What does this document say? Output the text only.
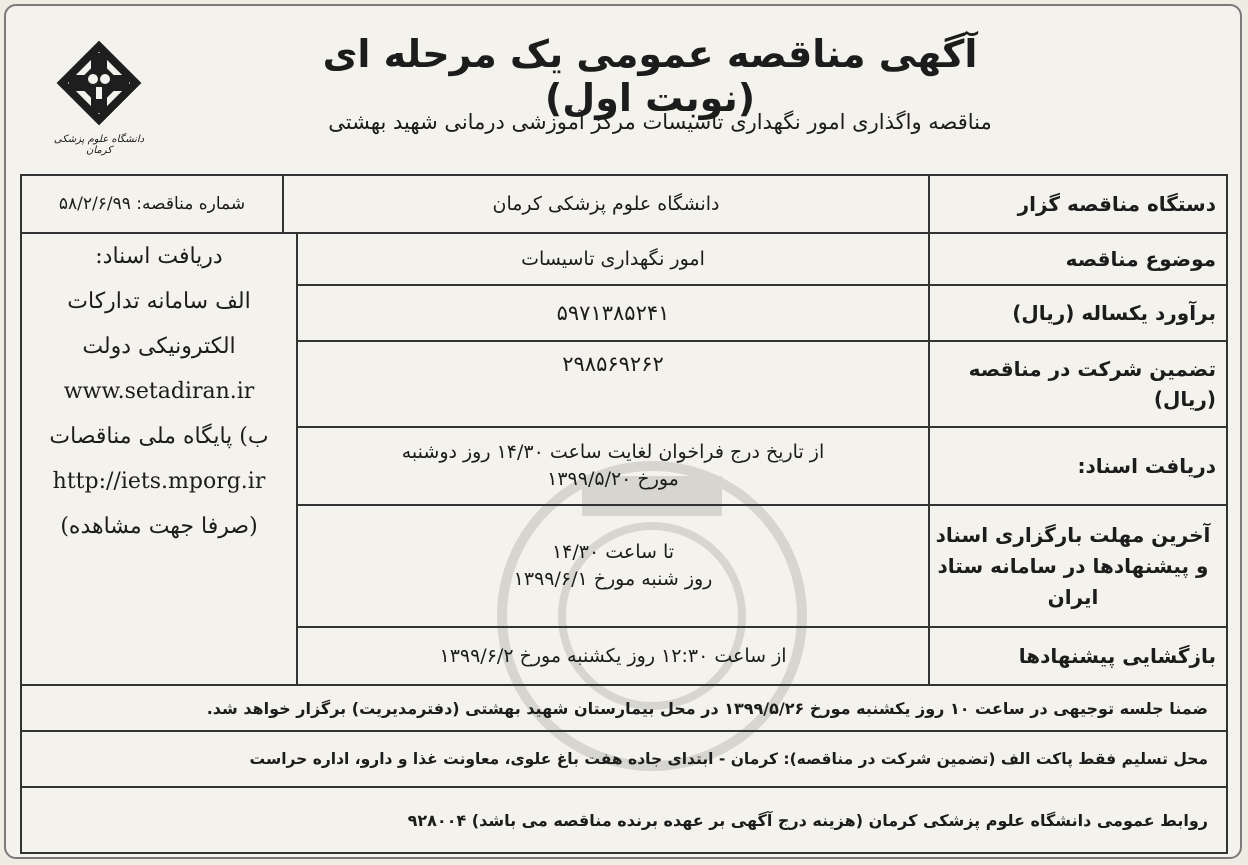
دانشگاه علوم پزشکی کرمان
آگهی مناقصه عمومی یک مرحله ای (نوبت اول)
مناقصه واگذاری امور نگهداری تاسیسات مرکز آموزشی درمانی شهید بهشتی
شماره مناقصه: ۵۸/۲/۶/۹۹	دستگاه مناقصه گزار
دانشگاه علوم پزشکی کرمان
موضوع مناقصه
امور نگهداری تاسیسات
برآورد یکساله (ریال)
۵۹۷۱۳۸۵۲۴۱
تضمین شرکت در مناقصه (ریال)
۲۹۸۵۶۹۲۶۲
دریافت اسناد:
از تاریخ درج فراخوان لغایت ساعت ۱۴/۳۰ روز دوشنبه
مورخ ۱۳۹۹/۵/۲۰
آخرین مهلت بارگزاری اسناد و پیشنهادها در سامانه ستاد ایران
تا ساعت ۱۴/۳۰
روز شنبه مورخ ۱۳۹۹/۶/۱
بازگشایی پیشنهادها
از ساعت ۱۲:۳۰ روز یکشنبه مورخ ۱۳۹۹/۶/۲
دریافت اسناد:
الف سامانه تدارکات
الکترونیکی دولت
www.setadiran.ir
ب) پایگاه ملی مناقصات
http://iets.mporg.ir
(صرفا جهت مشاهده)
ضمنا جلسه توجیهی در ساعت ۱۰ روز یکشنبه مورخ ۱۳۹۹/۵/۲۶ در محل بیمارستان شهید بهشتی (دفترمدیریت) برگزار خواهد شد.
محل تسلیم فقط پاکت الف (تضمین شرکت در مناقصه): کرمان - ابتدای جاده هفت باغ علوی، معاونت غذا و دارو، اداره حراست
روابط عمومی دانشگاه علوم پزشکی کرمان (هزینه درج آگهی بر عهده برنده مناقصه می باشد) ۹۲۸۰۰۴
